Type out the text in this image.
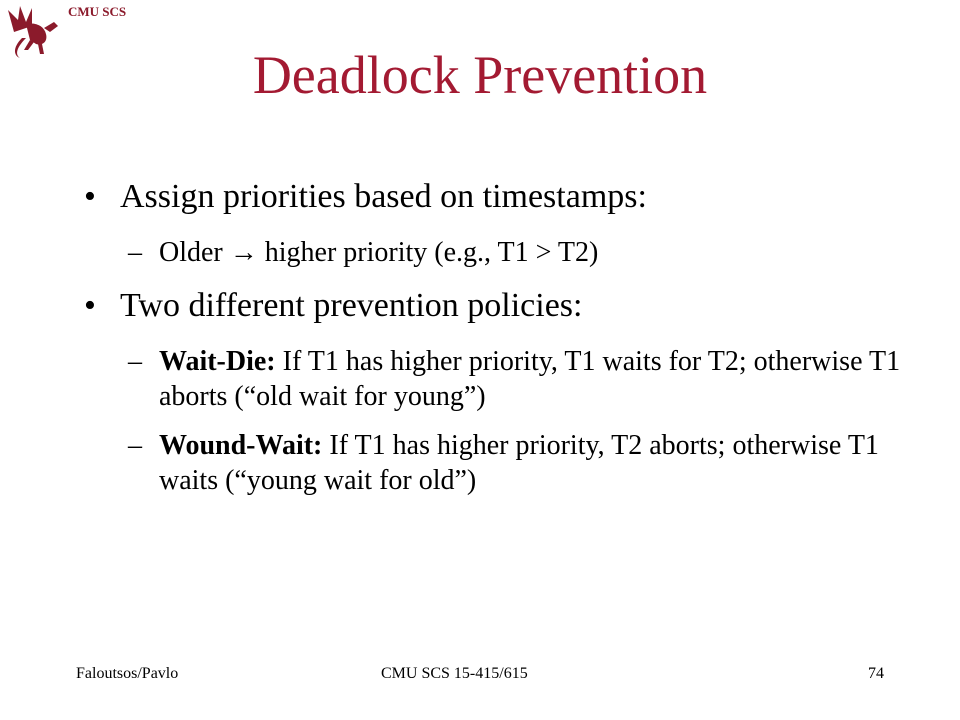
CMU SCS
Deadlock Prevention
• Assign priorities based on timestamps:
– Older → higher priority (e.g., T1 > T2)
• Two different prevention policies:
– Wait-Die: If T1 has higher priority, T1 waits for T2; otherwise T1 aborts (“old wait for young”)
– Wound-Wait: If T1 has higher priority, T2 aborts; otherwise T1 waits (“young wait for old”)
Faloutsos/Pavlo	CMU SCS 15-415/615	74
